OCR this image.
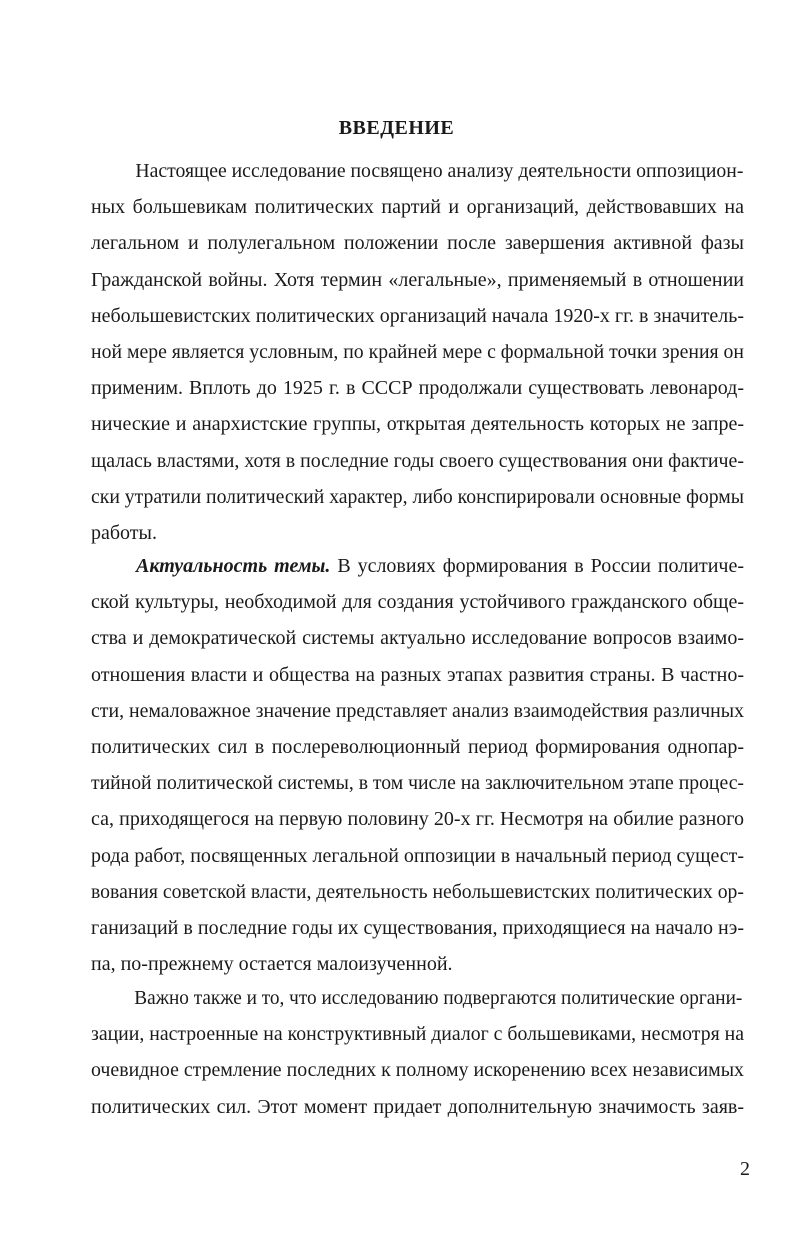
ВВЕДЕНИЕ

Настоящее исследование посвящено анализу деятельности оппозицион-
ных большевикам политических партий и организаций, действовавших на
легальном и полулегальном положении после завершения активной фазы
Гражданской войны. Хотя термин «легальные», применяемый в отношении
небольшевистских политических организаций начала 1920-х гг. в значитель-
ной мере является условным, по крайней мере с формальной точки зрения он
применим. Вплоть до 1925 г. в СССР продолжали существовать левонарод-
нические и анархистские группы, открытая деятельность которых не запре-
щалась властями, хотя в последние годы своего существования они фактиче-
ски утратили политический характер, либо конспирировали основные формы
работы.

Актуальность темы. В условиях формирования в России политиче-
ской культуры, необходимой для создания устойчивого гражданского обще-
ства и демократической системы актуально исследование вопросов взаимо-
отношения власти и общества на разных этапах развития страны. В частно-
сти, немаловажное значение представляет анализ взаимодействия различных
политических сил в послереволюционный период формирования однопар-
тийной политической системы, в том числе на заключительном этапе процес-
са, приходящегося на первую половину 20-х гг. Несмотря на обилие разного
рода работ, посвященных легальной оппозиции в начальный период сущест-
вования советской власти, деятельность небольшевистских политических ор-
ганизаций в последние годы их существования, приходящиеся на начало нэ-
па, по-прежнему остается малоизученной.

Важно также и то, что исследованию подвергаются политические органи-
зации, настроенные на конструктивный диалог с большевиками, несмотря на
очевидное стремление последних к полному искоренению всех независимых
политических сил. Этот момент придает дополнительную значимость заяв-

2
